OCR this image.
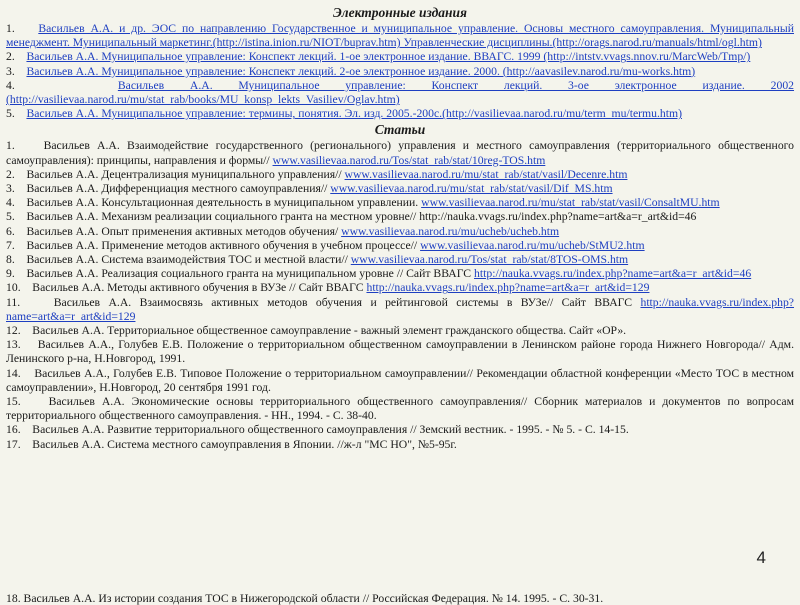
Электронные издания

1. Васильев А.А. и др. ЭОС по направлению Государственное и муниципальное управление. Основы местного самоуправления. Муниципальный менеджмент. Муниципальный маркетинг.(http://istina.inion.ru/NIOT/buprav.htm) Управленческие дисциплины.(http://orags.narod.ru/manuals/html/ogl.htm)

2. Васильев А.А. Муниципальное управление: Конспект лекций. 1-ое электронное издание. ВВАГС. 1999 (http://intstv.vvags.nnov.ru/MarcWeb/Tmp/)

3. Васильев А.А. Муниципальное управление: Конспект лекций. 2-ое электронное издание. 2000. (http://aavasilev.narod.ru/mu-works.htm)

4.	Васильев А.А. Муниципальное управление: Конспект лекций. 3-ое электронное издание. 2002 (http://vasilievaa.narod.ru/mu/stat_rab/books/MU_konsp_lekts_Vasiliev/Oglav.htm)

5. Васильев А.А. Муниципальное управление: термины, понятия. Эл. изд. 2005.-200с.(http://vasilievaa.narod.ru/mu/term_mu/termu.htm)

Статьи

1. Васильев А.А. Взаимодействие государственного (регионального) управления и местного самоуправления (территориального общественного самоуправления): принципы, направления и формы// www.vasilievaa.narod.ru/Tos/stat_rab/stat/10reg-TOS.htm

2. Васильев А.А. Децентрализация муниципального управления// www.vasilievaa.narod.ru/mu/stat_rab/stat/vasil/Decenre.htm

3. Васильев А.А. Дифференциация местного самоуправления// www.vasilievaa.narod.ru/mu/stat_rab/stat/vasil/Dif_MS.htm

4. Васильев А.А. Консультационная деятельность в муниципальном управлении. www.vasilievaa.narod.ru/mu/stat_rab/stat/vasil/ConsaltMU.htm

5. Васильев А.А. Механизм реализации социального гранта на местном уровне// http://nauka.vvags.ru/index.php?name=art&a=r_art&id=46

6. Васильев А.А. Опыт применения активных методов обучения/ www.vasilievaa.narod.ru/mu/ucheb/ucheb.htm

7. Васильев А.А. Применение методов активного обучения в учебном процессе// www.vasilievaa.narod.ru/mu/ucheb/StMU2.htm

8. Васильев А.А. Система взаимодействия ТОС и местной власти// www.vasilievaa.narod.ru/Tos/stat_rab/stat/8TOS-OMS.htm

9. Васильев А.А. Реализация социального гранта на муниципальном уровне // Сайт ВВАГС http://nauka.vvags.ru/index.php?name=art&a=r_art&id=46

10. Васильев А.А. Методы активного обучения в ВУЗе // Сайт ВВАГС http://nauka.vvags.ru/index.php?name=art&a=r_art&id=129

11.	Васильев А.А. Взаимосвязь активных методов обучения и рейтинговой системы в ВУЗе// Сайт ВВАГС http://nauka.vvags.ru/index.php?name=art&a=r_art&id=129

12. Васильев А.А. Территориальное общественное самоуправление - важный элемент гражданского общества. Сайт «ОР».

13. Васильев А.А., Голубев Е.В. Положение о территориальном общественном самоуправлении в Ленинском районе города Нижнего Новгорода// Адм. Ленинского р-на, Н.Новгород, 1991.

14. Васильев А.А., Голубев Е.В. Типовое Положение о территориальном самоуправлении// Рекомендации областной конференции «Место ТОС в местном самоуправлении», Н.Новгород, 20 сентября 1991 год.

15. Васильев А.А. Экономические основы территориального общественного самоуправления// Сборник материалов и документов по вопросам территориального общественного самоуправления. - НН., 1994. - С. 38-40.

16. Васильев А.А. Развитие территориального общественного самоуправления // Земский вестник. - 1995. - № 5. - С. 14-15.

17. Васильев А.А. Система местного самоуправления в Японии. //ж-л "МС НО", №5-95г.

18. Васильев А.А. Из истории создания ТОС в Нижегородской области // Российская Федерация. № 14. 1995. - С. 30-31.
4
